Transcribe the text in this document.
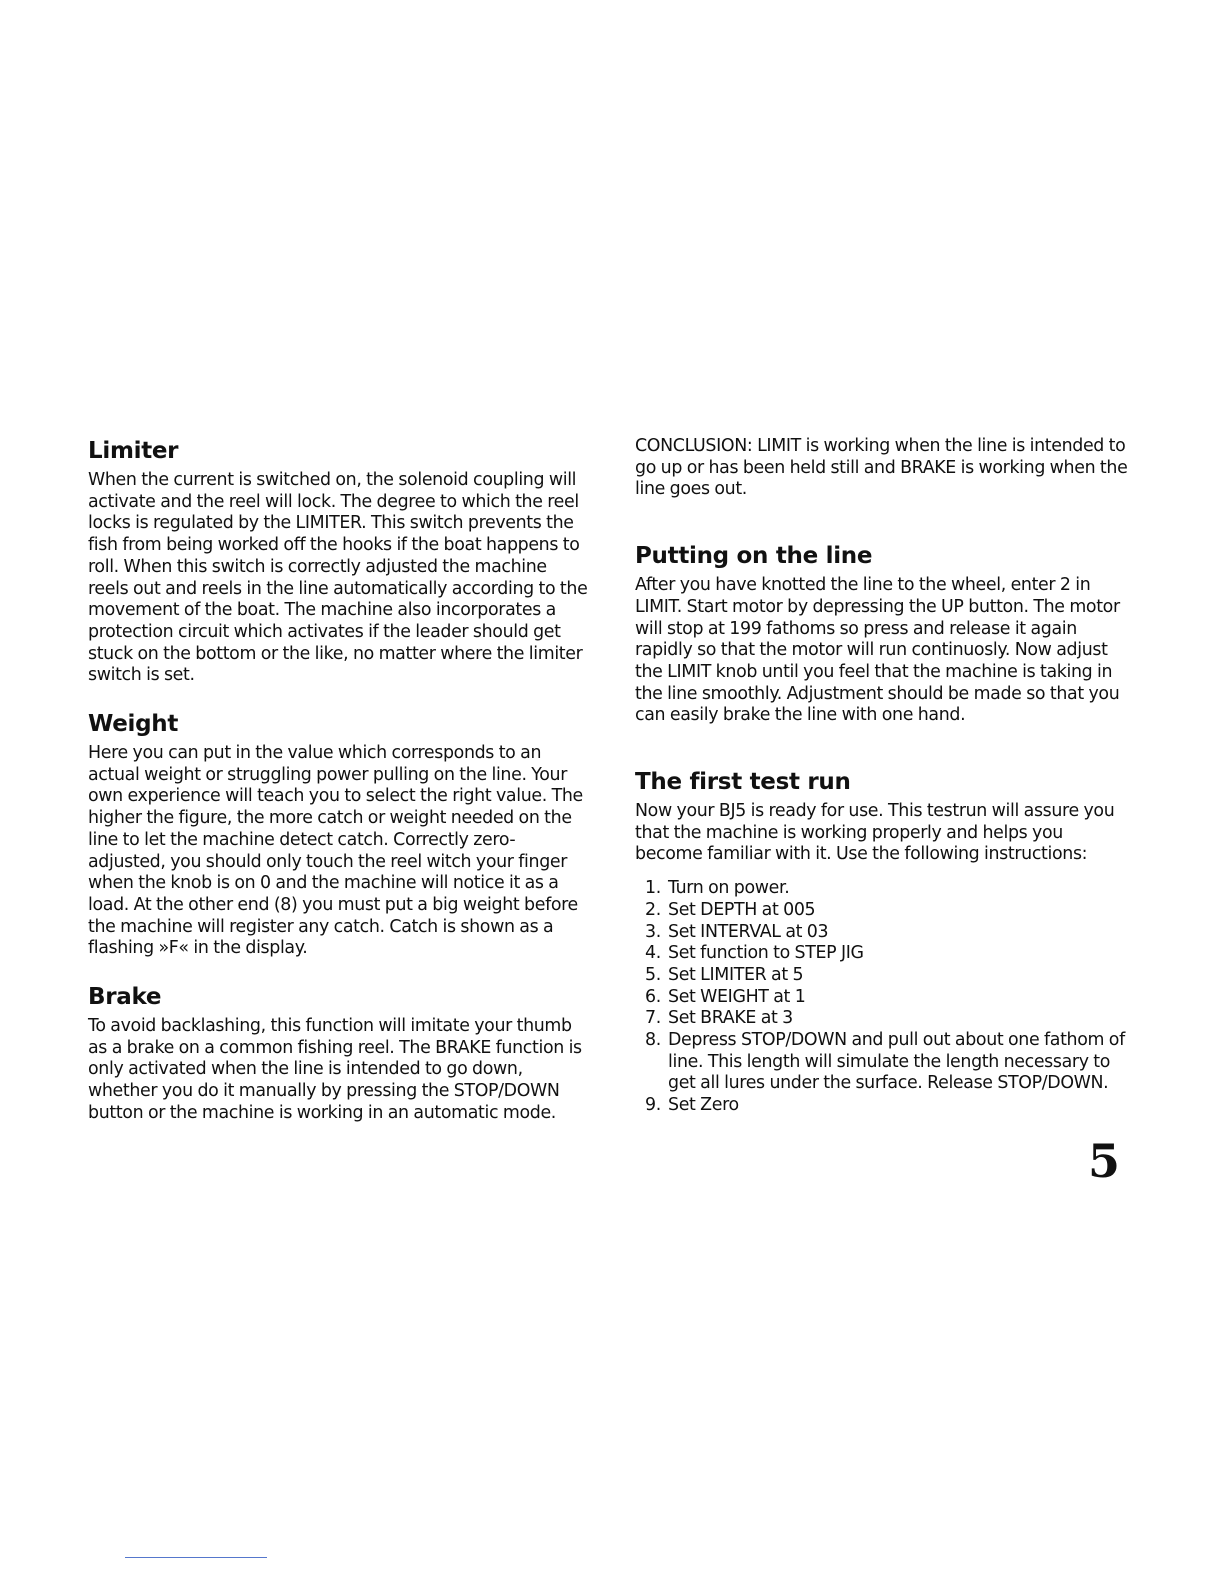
Limiter

When the current is switched on, the solenoid coupling will activate and the reel will lock. The degree to which the reel locks is regulated by the LIMITER. This switch prevents the fish from being worked off the hooks if the boat happens to roll. When this switch is correctly adjusted the machine reels out and reels in the line automatically according to the movement of the boat. The machine also incorporates a protection circuit which activates if the leader should get stuck on the bottom or the like, no matter where the limiter switch is set.

Weight

Here you can put in the value which corresponds to an actual weight or struggling power pulling on the line. Your own experience will teach you to select the right value. The higher the figure, the more catch or weight needed on the line to let the machine detect catch. Correctly zero-adjusted, you should only touch the reel witch your finger when the knob is on 0 and the machine will notice it as a load. At the other end (8) you must put a big weight before the machine will register any catch. Catch is shown as a flashing »F« in the display.

Brake

To avoid backlashing, this function will imitate your thumb as a brake on a common fishing reel. The BRAKE function is only activated when the line is intended to go down, whether you do it manually by pressing the STOP/DOWN button or the machine is working in an automatic mode.

CONCLUSION: LIMIT is working when the line is intended to go up or has been held still and BRAKE is working when the line goes out.

Putting on the line

After you have knotted the line to the wheel, enter 2 in LIMIT. Start motor by depressing the UP button. The motor will stop at 199 fathoms so press and release it again rapidly so that the motor will run continuosly. Now adjust the LIMIT knob until you feel that the machine is taking in the line smoothly. Adjustment should be made so that you can easily brake the line with one hand.

The first test run

Now your BJ5 is ready for use. This testrun will assure you that the machine is working properly and helps you become familiar with it. Use the following instructions:

1. Turn on power.
2. Set DEPTH at 005
3. Set INTERVAL at 03
4. Set function to STEP JIG
5. Set LIMITER at 5
6. Set WEIGHT at 1
7. Set BRAKE at 3
8. Depress STOP/DOWN and pull out about one fathom of line. This length will simulate the length necessary to get all lures under the surface. Release STOP/DOWN.
9. Set Zero
5
